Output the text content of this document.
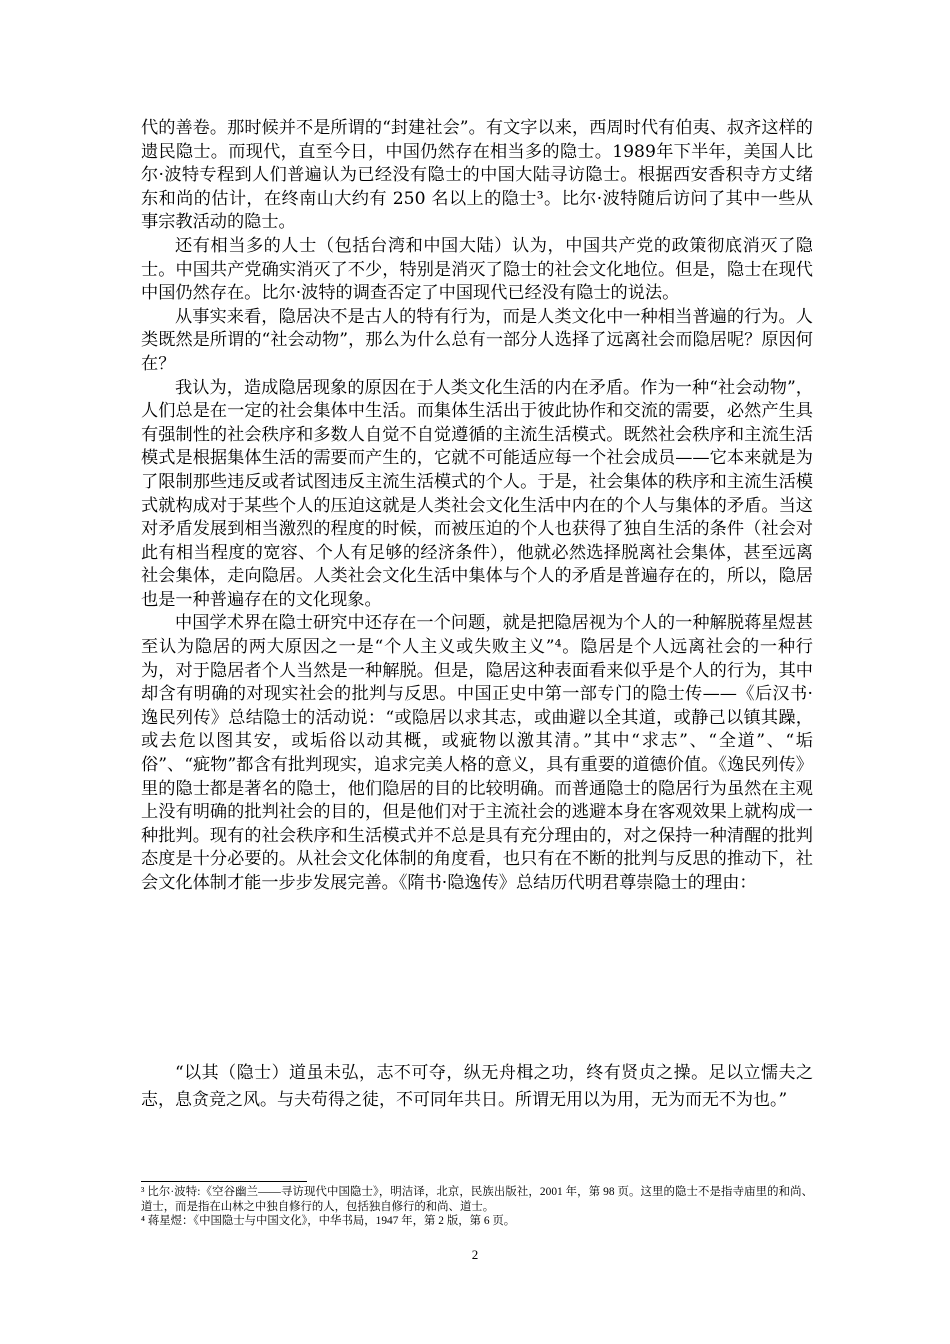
代的善卷。那时候并不是所谓的“封建社会”。有文字以来，西周时代有伯夷、叔齐这样的遗民隐士。而现代，直至今日，中国仍然存在相当多的隐士。1989年下半年，美国人比尔·波特专程到人们普遍认为已经没有隐士的中国大陆寻访隐士。根据西安香积寺方丈绪东和尚的估计，在终南山大约有 250 名以上的隐士³。比尔·波特随后访问了其中一些从事宗教活动的隐士。

还有相当多的人士（包括台湾和中国大陆）认为，中国共产党的政策彻底消灭了隐士。中国共产党确实消灭了不少，特别是消灭了隐士的社会文化地位。但是，隐士在现代中国仍然存在。比尔·波特的调查否定了中国现代已经没有隐士的说法。

从事实来看，隐居决不是古人的特有行为，而是人类文化中一种相当普遍的行为。人类既然是所谓的“社会动物”，那么为什么总有一部分人选择了远离社会而隐居呢？原因何在？

我认为，造成隐居现象的原因在于人类文化生活的内在矛盾。作为一种“社会动物”，人们总是在一定的社会集体中生活。而集体生活出于彼此协作和交流的需要，必然产生具有强制性的社会秩序和多数人自觉不自觉遵循的主流生活模式。既然社会秩序和主流生活模式是根据集体生活的需要而产生的，它就不可能适应每一个社会成员——它本来就是为了限制那些违反或者试图违反主流生活模式的个人。于是，社会集体的秩序和主流生活模式就构成对于某些个人的压迫这就是人类社会文化生活中内在的个人与集体的矛盾。当这对矛盾发展到相当激烈的程度的时候，而被压迫的个人也获得了独自生活的条件（社会对此有相当程度的宽容、个人有足够的经济条件），他就必然选择脱离社会集体，甚至远离社会集体，走向隐居。人类社会文化生活中集体与个人的矛盾是普遍存在的，所以，隐居也是一种普遍存在的文化现象。

中国学术界在隐士研究中还存在一个问题，就是把隐居视为个人的一种解脱蒋星煜甚至认为隐居的两大原因之一是“个人主义或失败主义”⁴。隐居是个人远离社会的一种行为，对于隐居者个人当然是一种解脱。但是，隐居这种表面看来似乎是个人的行为，其中却含有明确的对现实社会的批判与反思。中国正史中第一部专门的隐士传——《后汉书·逸民列传》总结隐士的活动说：“或隐居以求其志，或曲避以全其道，或静己以镇其躁，或去危以图其安，或垢俗以动其概，或疵物以激其清。”其中“求志”、“全道”、“垢俗”、“疵物”都含有批判现实，追求完美人格的意义，具有重要的道德价值。《逸民列传》里的隐士都是著名的隐士，他们隐居的目的比较明确。而普通隐士的隐居行为虽然在主观上没有明确的批判社会的目的，但是他们对于主流社会的逃避本身在客观效果上就构成一种批判。现有的社会秩序和生活模式并不总是具有充分理由的，对之保持一种清醒的批判态度是十分必要的。从社会文化体制的角度看，也只有在不断的批判与反思的推动下，社会文化体制才能一步步发展完善。《隋书·隐逸传》总结历代明君尊崇隐士的理由：

“以其（隐士）道虽未弘，志不可夺，纵无舟楫之功，终有贤贞之操。足以立懦夫之志，息贪竞之风。与夫苟得之徒，不可同年共日。所谓无用以为用，无为而无不为也。”

³ 比尔·波特:《空谷幽兰——寻访现代中国隐士》，明洁译，北京，民族出版社，2001 年，第 98 页。这里的隐士不是指寺庙里的和尚、道士，而是指在山林之中独自修行的人，包括独自修行的和尚、道士。

⁴ 蒋星煜：《中国隐士与中国文化》，中华书局，1947 年，第 2 版，第 6 页。

2
